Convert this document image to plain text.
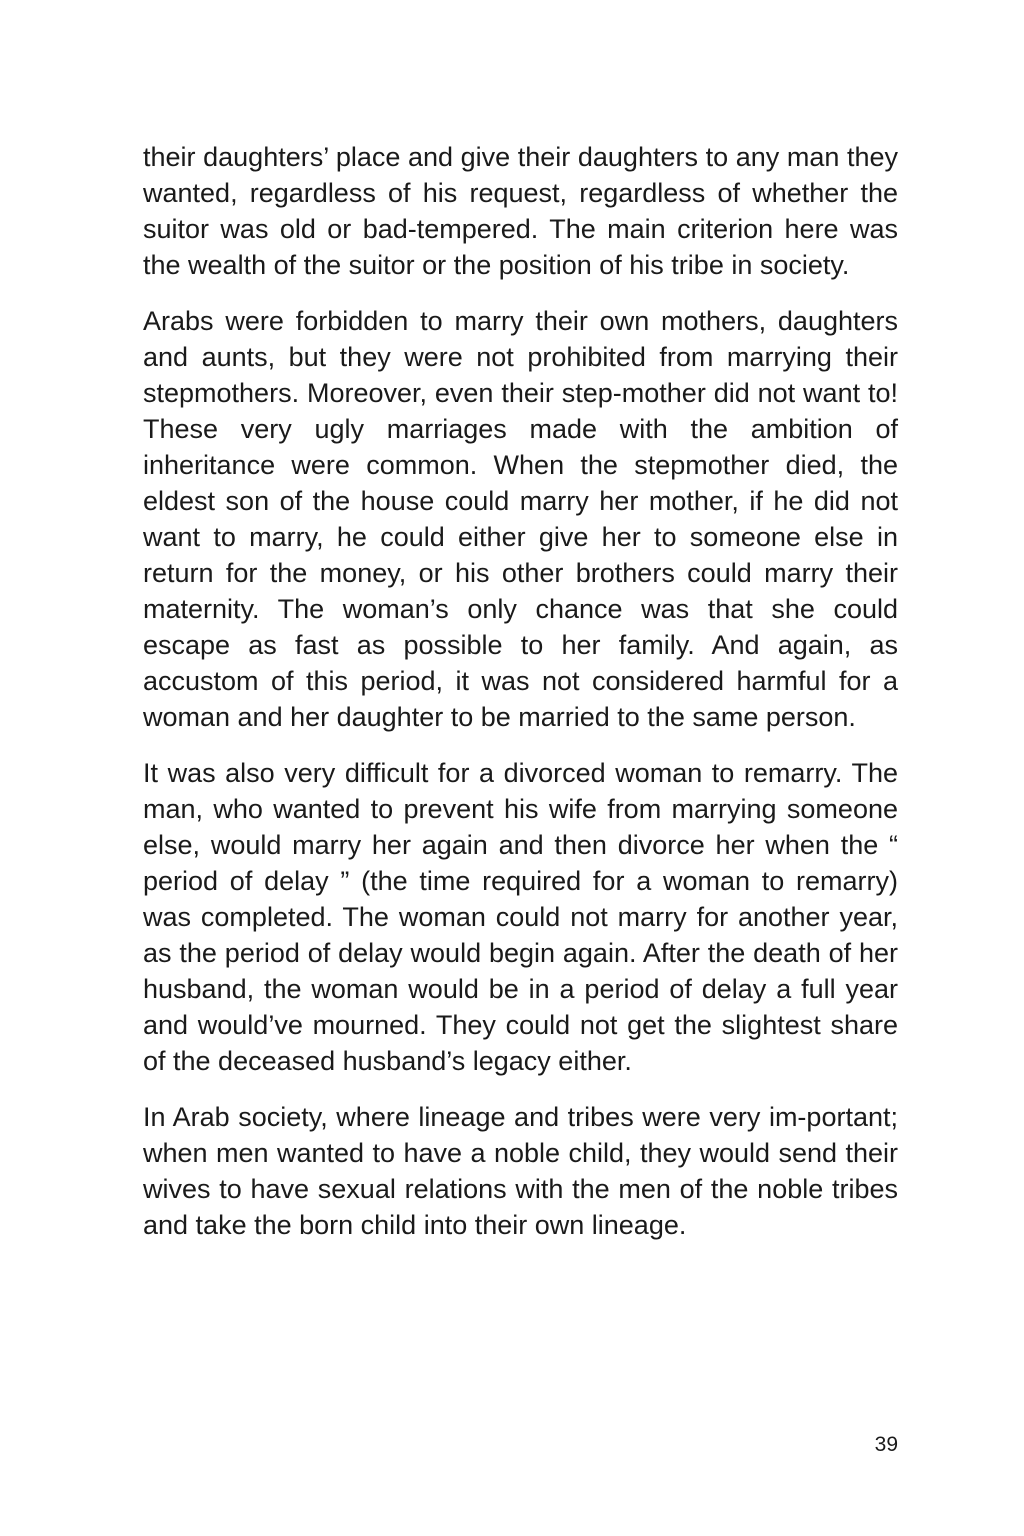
their daughters’ place and give their daughters to any man they wanted, regardless of his request, regardless of whether the suitor was old or bad-tempered. The main criterion here was the wealth of the suitor or the position of his tribe in society.

Arabs were forbidden to marry their own mothers, daughters and aunts, but they were not prohibited from marrying their stepmothers. Moreover, even their step-mother did not want to! These very ugly marriages made with the ambition of inheritance were common. When the stepmother died, the eldest son of the house could marry her mother, if he did not want to marry, he could either give her to someone else in return for the money, or his other brothers could marry their maternity. The woman’s only chance was that she could escape as fast as possible to her family. And again, as accustom of this period, it was not considered harmful for a woman and her daughter to be married to the same person.

It was also very difficult for a divorced woman to remarry. The man, who wanted to prevent his wife from marrying someone else, would marry her again and then divorce her when the “ period of delay ” (the time required for a woman to remarry) was completed. The woman could not marry for another year, as the period of delay would begin again. After the death of her husband, the woman would be in a period of delay a full year and would’ve mourned. They could not get the slightest share of the deceased husband’s legacy either.

In Arab society, where lineage and tribes were very im-portant; when men wanted to have a noble child, they would send their wives to have sexual relations with the men of the noble tribes and take the born child into their own lineage.

39
